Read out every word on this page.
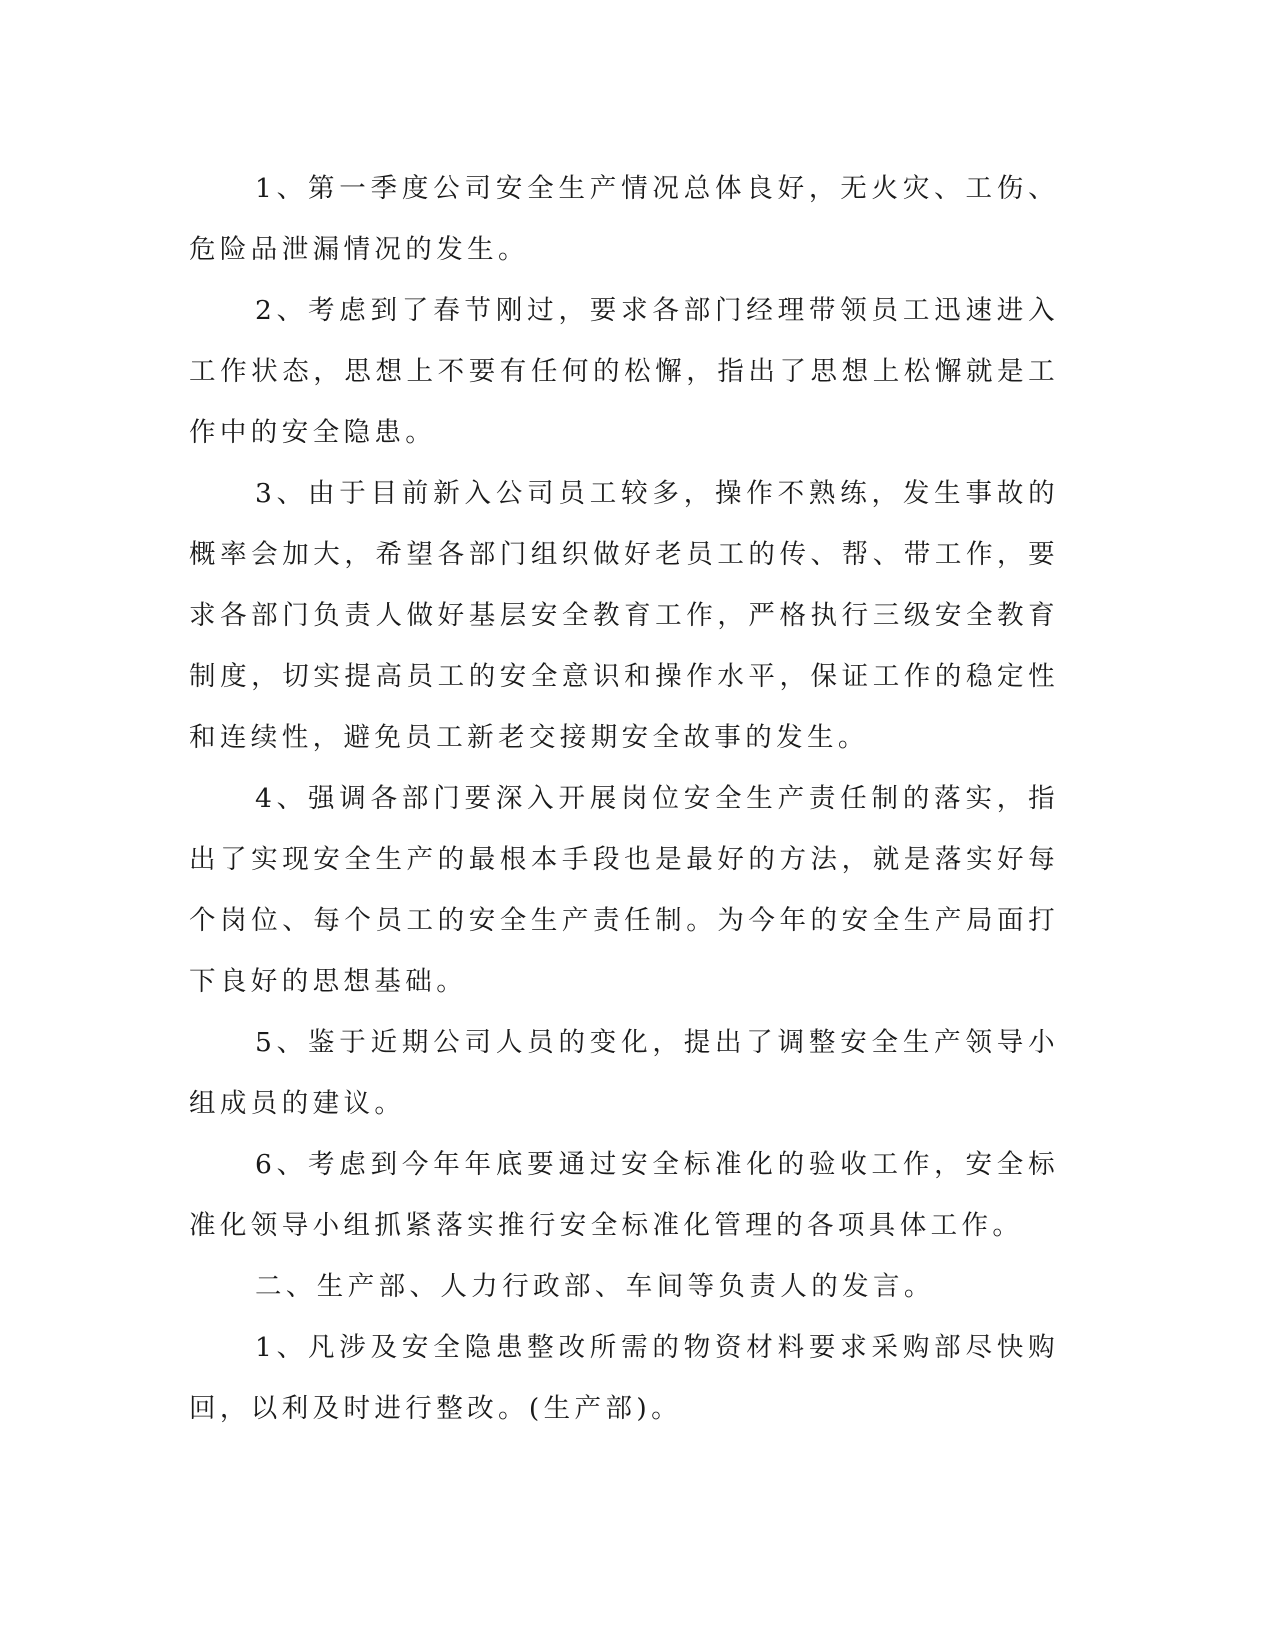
1、第一季度公司安全生产情况总体良好，无火灾、工伤、危险品泄漏情况的发生。

2、考虑到了春节刚过，要求各部门经理带领员工迅速进入工作状态，思想上不要有任何的松懈，指出了思想上松懈就是工作中的安全隐患。

3、由于目前新入公司员工较多，操作不熟练，发生事故的概率会加大，希望各部门组织做好老员工的传、帮、带工作，要求各部门负责人做好基层安全教育工作，严格执行三级安全教育制度，切实提高员工的安全意识和操作水平，保证工作的稳定性和连续性，避免员工新老交接期安全故事的发生。

4、强调各部门要深入开展岗位安全生产责任制的落实，指出了实现安全生产的最根本手段也是最好的方法，就是落实好每个岗位、每个员工的安全生产责任制。为今年的安全生产局面打下良好的思想基础。

5、鉴于近期公司人员的变化，提出了调整安全生产领导小组成员的建议。

6、考虑到今年年底要通过安全标准化的验收工作，安全标准化领导小组抓紧落实推行安全标准化管理的各项具体工作。

二、生产部、人力行政部、车间等负责人的发言。

1、凡涉及安全隐患整改所需的物资材料要求采购部尽快购回，以利及时进行整改。(生产部)。
